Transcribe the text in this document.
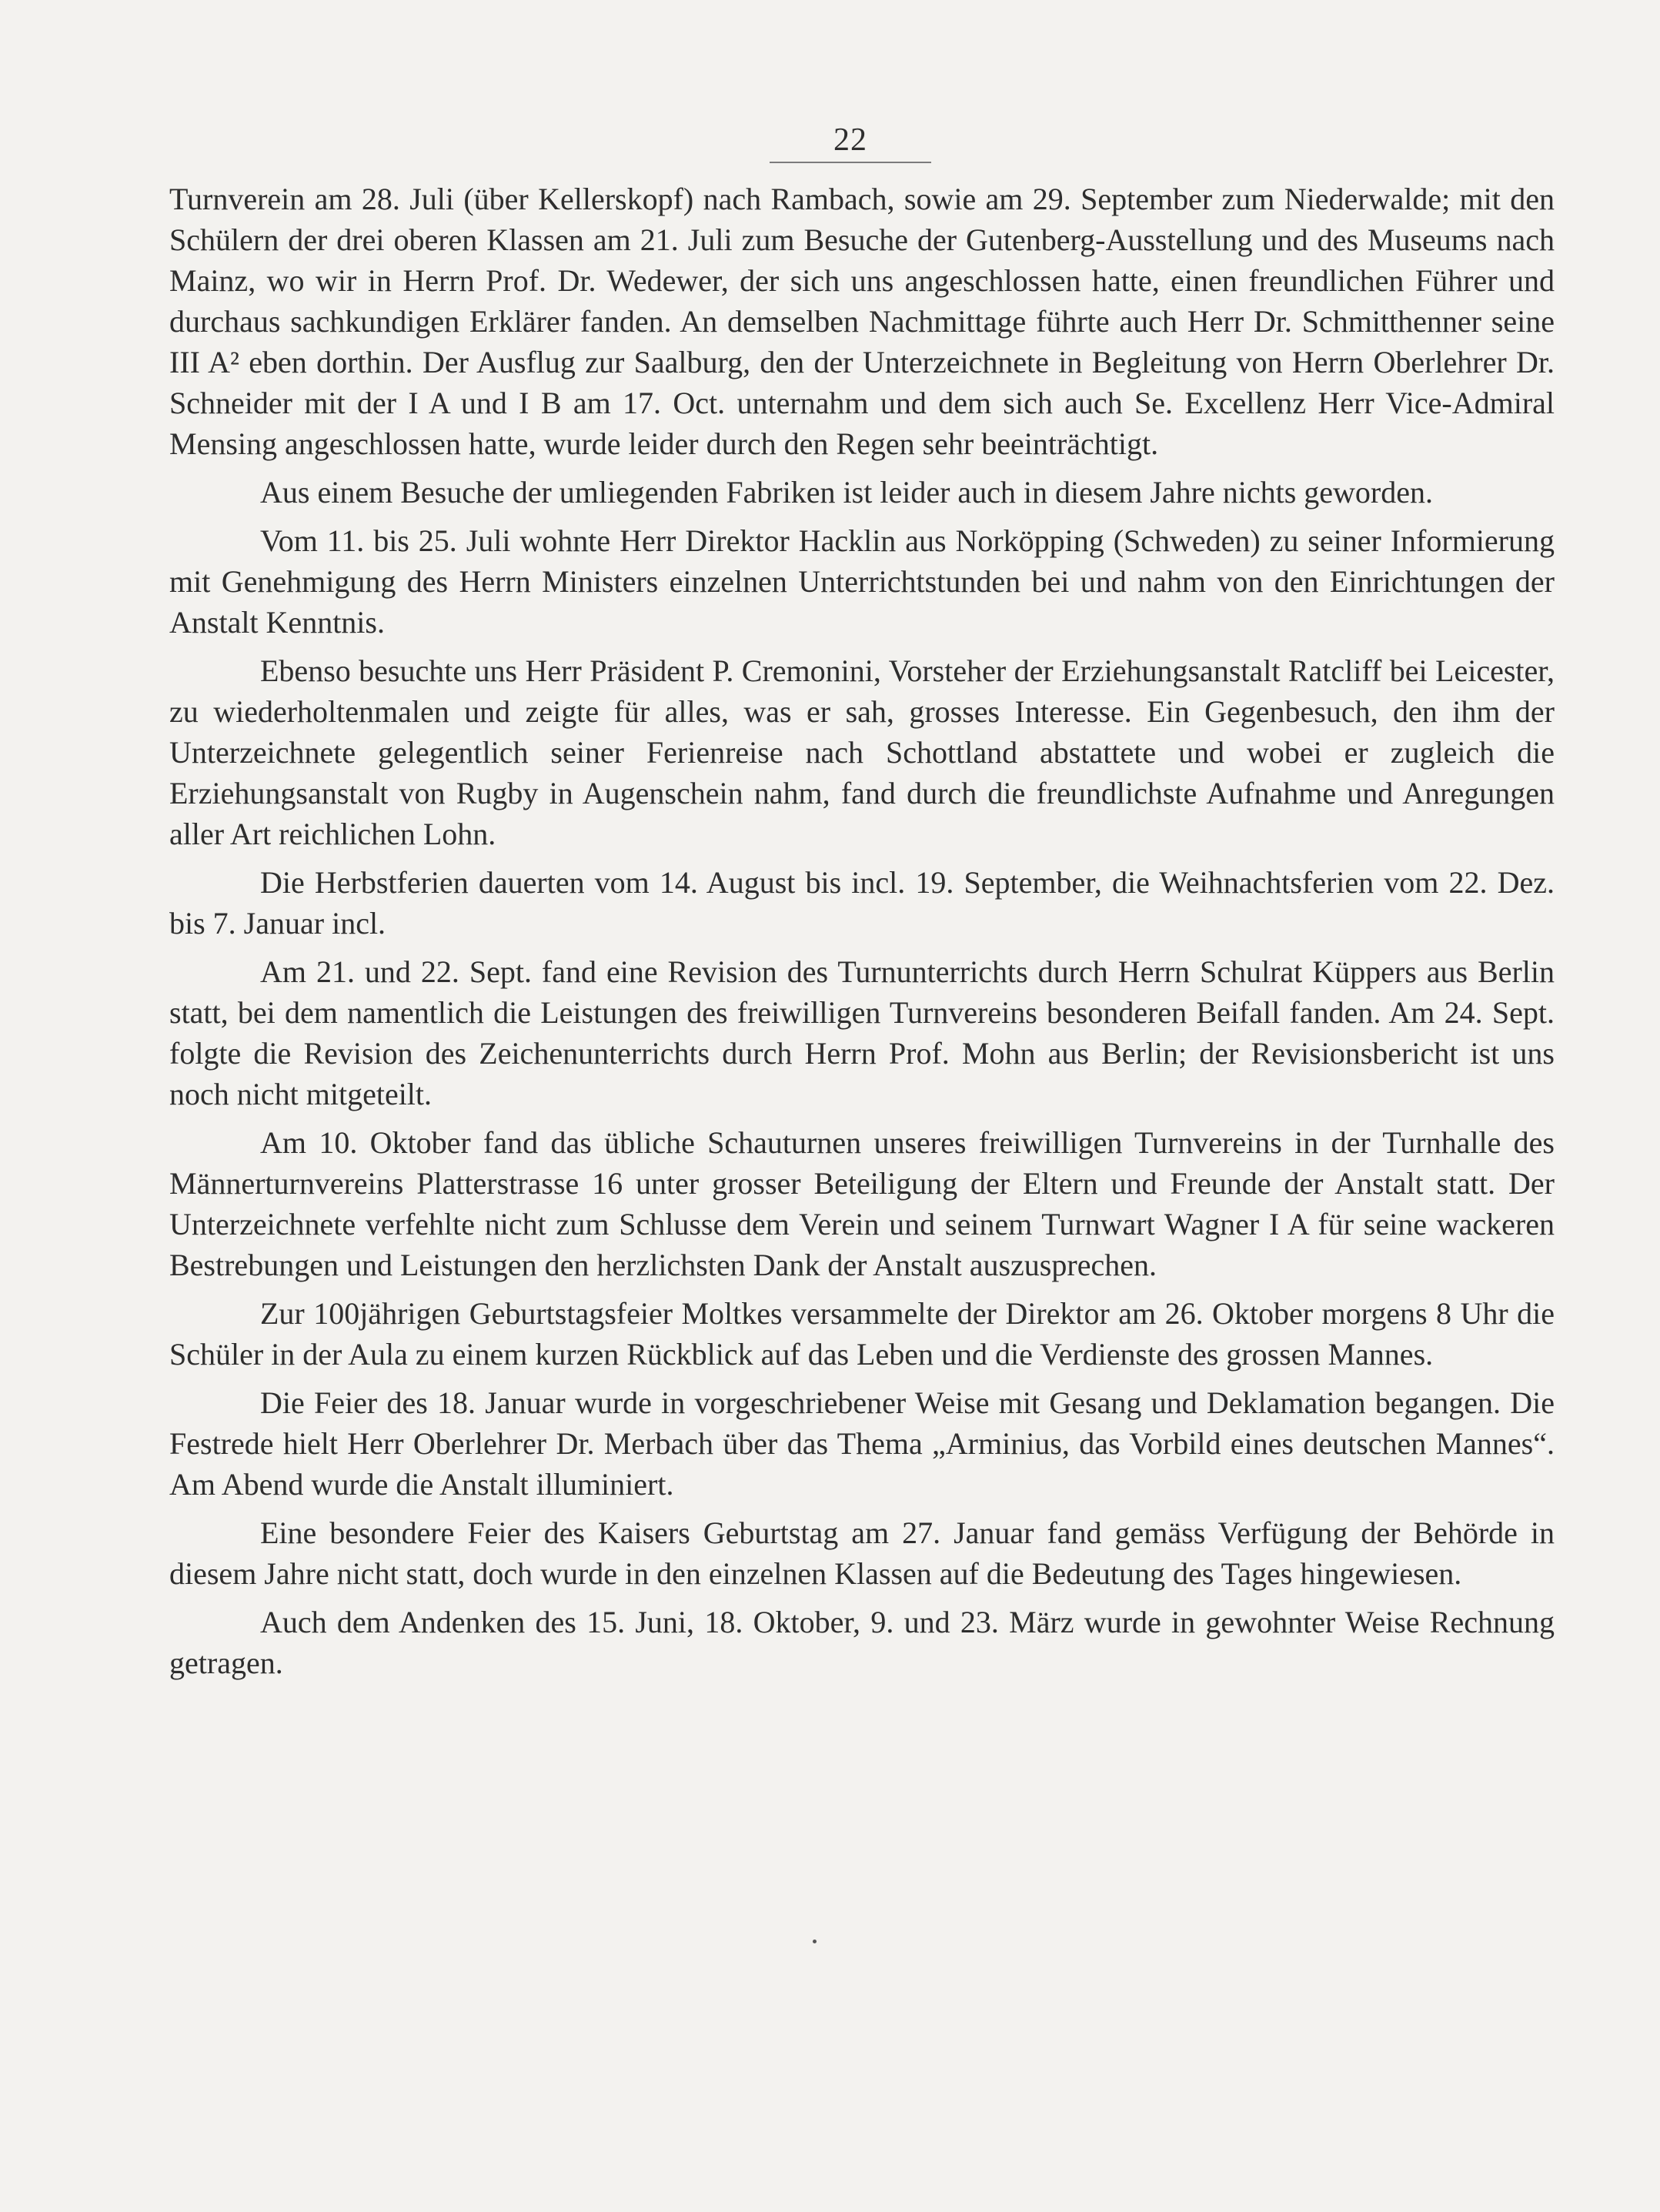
22

Turnverein am 28. Juli (über Kellerskopf) nach Rambach, sowie am 29. September zum Niederwalde; mit den Schülern der drei oberen Klassen am 21. Juli zum Besuche der Gutenberg-Ausstellung und des Museums nach Mainz, wo wir in Herrn Prof. Dr. Wedewer, der sich uns angeschlossen hatte, einen freundlichen Führer und durchaus sachkundigen Erklärer fanden. An demselben Nachmittage führte auch Herr Dr. Schmitthenner seine III A² eben dorthin. Der Ausflug zur Saalburg, den der Unterzeichnete in Begleitung von Herrn Oberlehrer Dr. Schneider mit der I A und I B am 17. Oct. unternahm und dem sich auch Se. Excellenz Herr Vice-Admiral Mensing angeschlossen hatte, wurde leider durch den Regen sehr beeinträchtigt.

Aus einem Besuche der umliegenden Fabriken ist leider auch in diesem Jahre nichts geworden.

Vom 11. bis 25. Juli wohnte Herr Direktor Hacklin aus Norköpping (Schweden) zu seiner Informierung mit Genehmigung des Herrn Ministers einzelnen Unterrichtstunden bei und nahm von den Einrichtungen der Anstalt Kenntnis.

Ebenso besuchte uns Herr Präsident P. Cremonini, Vorsteher der Erziehungsanstalt Ratcliff bei Leicester, zu wiederholtenmalen und zeigte für alles, was er sah, grosses Interesse. Ein Gegenbesuch, den ihm der Unterzeichnete gelegentlich seiner Ferienreise nach Schottland abstattete und wobei er zugleich die Erziehungsanstalt von Rugby in Augenschein nahm, fand durch die freundlichste Aufnahme und Anregungen aller Art reichlichen Lohn.

Die Herbstferien dauerten vom 14. August bis incl. 19. September, die Weihnachtsferien vom 22. Dez. bis 7. Januar incl.

Am 21. und 22. Sept. fand eine Revision des Turnunterrichts durch Herrn Schulrat Küppers aus Berlin statt, bei dem namentlich die Leistungen des freiwilligen Turnvereins besonderen Beifall fanden. Am 24. Sept. folgte die Revision des Zeichenunterrichts durch Herrn Prof. Mohn aus Berlin; der Revisionsbericht ist uns noch nicht mitgeteilt.

Am 10. Oktober fand das übliche Schauturnen unseres freiwilligen Turnvereins in der Turnhalle des Männerturnvereins Platterstrasse 16 unter grosser Beteiligung der Eltern und Freunde der Anstalt statt. Der Unterzeichnete verfehlte nicht zum Schlusse dem Verein und seinem Turnwart Wagner I A für seine wackeren Bestrebungen und Leistungen den herzlichsten Dank der Anstalt auszusprechen.

Zur 100jährigen Geburtstagsfeier Moltkes versammelte der Direktor am 26. Oktober morgens 8 Uhr die Schüler in der Aula zu einem kurzen Rückblick auf das Leben und die Verdienste des grossen Mannes.

Die Feier des 18. Januar wurde in vorgeschriebener Weise mit Gesang und Deklamation begangen. Die Festrede hielt Herr Oberlehrer Dr. Merbach über das Thema „Arminius, das Vorbild eines deutschen Mannes“. Am Abend wurde die Anstalt illuminiert.

Eine besondere Feier des Kaisers Geburtstag am 27. Januar fand gemäss Verfügung der Behörde in diesem Jahre nicht statt, doch wurde in den einzelnen Klassen auf die Bedeutung des Tages hingewiesen.

Auch dem Andenken des 15. Juni, 18. Oktober, 9. und 23. März wurde in gewohnter Weise Rechnung getragen.
